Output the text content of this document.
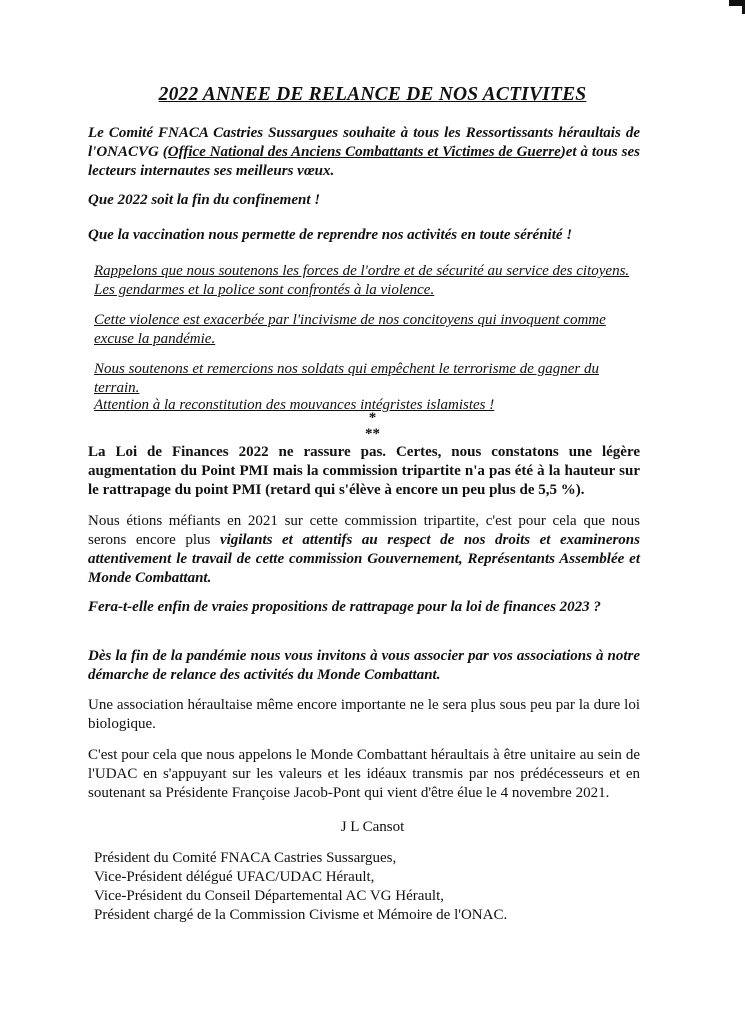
2022 ANNEE DE RELANCE DE NOS ACTIVITES

Le Comité FNACA Castries Sussargues souhaite à tous les Ressortissants héraultais de l'ONACVG (Office National des Anciens Combattants et Victimes de Guerre)et à tous ses lecteurs internautes ses meilleurs vœux.

Que 2022 soit la fin du confinement !

Que la vaccination nous permette de reprendre nos activités en toute sérénité !

Rappelons que nous soutenons les forces de l'ordre et de sécurité au service des citoyens. Les gendarmes et la police sont confrontés à la violence.

Cette violence est exacerbée par l'incivisme de nos concitoyens qui invoquent comme excuse la pandémie.

Nous soutenons et remercions nos soldats qui empêchent le terrorisme de gagner du terrain.

Attention à la reconstitution des mouvances intégristes islamistes !

*

**

La Loi de Finances 2022 ne rassure pas. Certes, nous constatons une légère augmentation du Point PMI mais la commission tripartite n'a pas été à la hauteur sur le rattrapage du point PMI (retard qui s'élève à encore un peu plus de 5,5 %).

Nous étions méfiants en 2021 sur cette commission tripartite, c'est pour cela que nous serons encore plus vigilants et attentifs au respect de nos droits et examinerons attentivement le travail de cette commission Gouvernement, Représentants Assemblée et Monde Combattant.

Fera-t-elle enfin de vraies propositions de rattrapage pour la loi de finances 2023 ?

Dès la fin de la pandémie nous vous invitons à vous associer par vos associations à notre démarche de relance des activités du Monde Combattant.

Une association héraultaise même encore importante ne le sera plus sous peu par la dure loi biologique.

C'est pour cela que nous appelons le Monde Combattant héraultais à être unitaire au sein de l'UDAC en s'appuyant sur les valeurs et les idéaux transmis par nos prédécesseurs et en soutenant sa Présidente Françoise Jacob-Pont qui vient d'être élue le 4 novembre 2021.

J L Cansot

Président du Comité FNACA Castries Sussargues,
Vice-Président délégué UFAC/UDAC Hérault,
Vice-Président du Conseil Départemental AC VG Hérault,
Président chargé de la Commission Civisme et Mémoire de l'ONAC.
